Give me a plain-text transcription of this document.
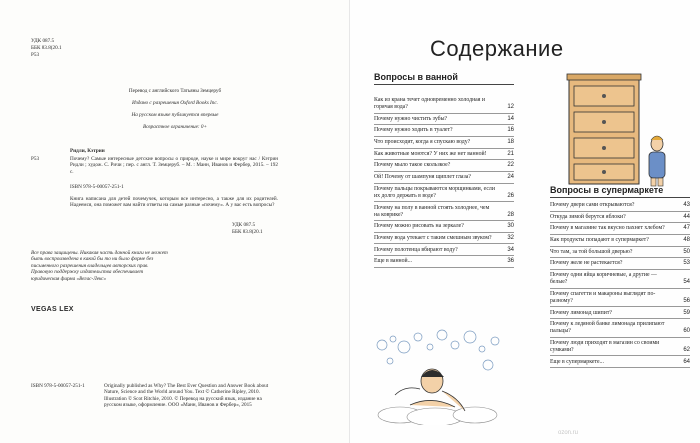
УДК 087.5
ББК 83.8(20.1
Р53
Перевод с английского Татьяны Земцеруб
Издано с разрешения Oxford Books Inc.
На русском языке публикуется впервые
Возрастное ограничение: 0+
Ридли, Кэтрин
Р53	Почему? Самые интересные детские вопросы о природе, науке и мире вокруг нас / Кэтрин Ридли ; худож. С. Ричи ; пер. с англ. Т. Земцеруб. – М. : Манн, Иванов и Фербер, 2015. – 192 с.
ISBN 978-5-00057-251-1
Книга написана для детей почемучек, которым все интересно, а также для их родителей. Надеемся, она поможет вам найти ответы на самые разные «почему». А у вас есть вопросы?
УДК 087.5
ББК 83.8(20.1
Все права защищены. Никакая часть данной книги не может быть воспроизведена в какой бы то ни было форме без письменного разрешения владельцев авторских прав. Правовую поддержку издательства обеспечивает юридическая фирма «Вегас-Лекс»
VEGAS LEX
ISBN 978-5-00057-251-1	Originally published as Why? The Best Ever Question and Answer Book about Nature, Science and the World around You. Text © Catherine Ripley, 2010. Illustration © Scot Ritchie, 2010. © Перевод на русский язык, издание на русском языке, оформление. ООО «Манн, Иванов и Фербер», 2015
Содержание
Вопросы в ванной
Как из крана течет одновременно холодная и горячая вода?	12
Почему нужно чистить зубы?	14
Почему нужно ходить в туалет?	16
Что происходит, когда я спускаю воду?	18
Как животные моются? У них же нет ванной!	21
Почему мыло такое скользкое?	22
Ой! Почему от шампуня щиплет глаза?	24
Почему пальцы покрываются морщинками, если их долго держать в воде?	26
Почему на полу в ванной стоять холоднее, чем на коврике?	28
Почему можно рисовать на зеркале?	30
Почему вода утекает с таким смешным звуком?	32
Почему полотенца вбирают воду?	34
Еще в ванной...	36
Вопросы в супермаркете
Почему двери сами открываются?	43
Откуда зимой берутся яблоки?	44
Почему в магазине так вкусно пахнет хлебом?	47
Как продукты попадают в супермаркет?	48
Что там, за той большой дверью?	50
Почему желе не растекается?	53
Почему одни яйца коричневые, а другие — белые?	54
Почему спагетти и макароны выглядят по-разному?	56
Почему лимонад шипит?	59
Почему к ледяной банке лимонада прилипают пальцы?	60
Почему люди приходят в магазин со своими сумками?	62
Еще в супермаркете...	64
ozon.ru
